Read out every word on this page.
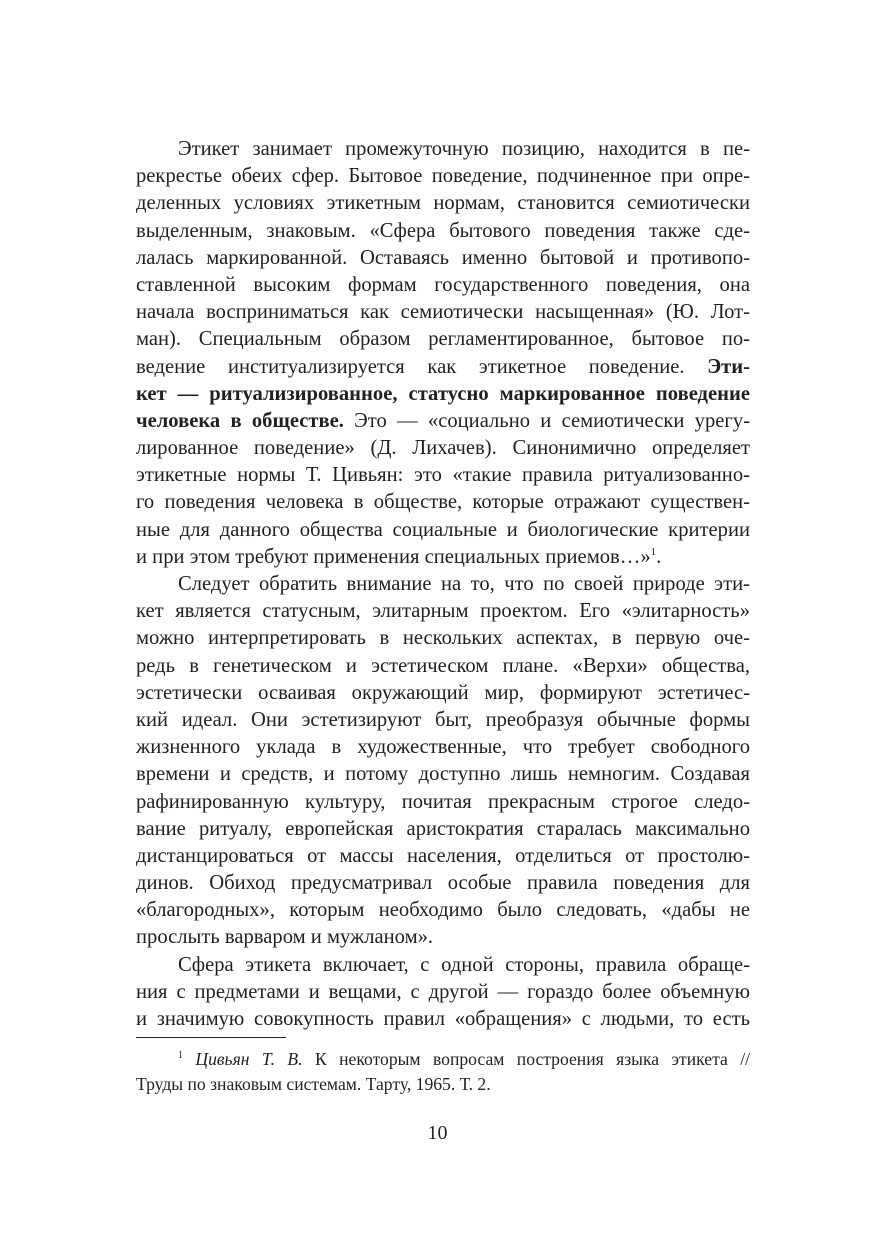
Этикет занимает промежуточную позицию, находится в пе-
рекрестье обеих сфер. Бытовое поведение, подчиненное при опре-
деленных условиях этикетным нормам, становится семиотически
выделенным, знаковым. «Сфера бытового поведения также сде-
лалась маркированной. Оставаясь именно бытовой и противопо-
ставленной высоким формам государственного поведения, она
начала восприниматься как семиотически насыщенная» (Ю. Лот-
ман). Специальным образом регламентированное, бытовое по-
ведение институализируется как этикетное поведение. Эти-
кет — ритуализированное, статусно маркированное поведение
человека в обществе. Это — «социально и семиотически урегу-
лированное поведение» (Д. Лихачев). Синонимично определяет
этикетные нормы Т. Цивьян: это «такие правила ритуализованно-
го поведения человека в обществе, которые отражают существен-
ные для данного общества социальные и биологические критерии
и при этом требуют применения специальных приемов…»$^1$.
Следует обратить внимание на то, что по своей природе эти-
кет является статусным, элитарным проектом. Его «элитарность»
можно интерпретировать в нескольких аспектах, в первую оче-
редь в генетическом и эстетическом плане. «Верхи» общества,
эстетически осваивая окружающий мир, формируют эстетичес-
кий идеал. Они эстетизируют быт, преобразуя обычные формы
жизненного уклада в художественные, что требует свободного
времени и средств, и потому доступно лишь немногим. Создавая
рафинированную культуру, почитая прекрасным строгое следо-
вание ритуалу, европейская аристократия старалась максимально
дистанцироваться от массы населения, отделиться от простолю-
динов. Обиход предусматривал особые правила поведения для
«благородных», которым необходимо было следовать, «дабы не
прослыть варваром и мужланом».
Сфера этикета включает, с одной стороны, правила обраще-
ния с предметами и вещами, с другой — гораздо более объемную
и значимую совокупность правил «обращения» с людьми, то есть
$^1$ Цивьян Т. В. К некоторым вопросам построения языка этикета //
Труды по знаковым системам. Тарту, 1965. Т. 2.
10
